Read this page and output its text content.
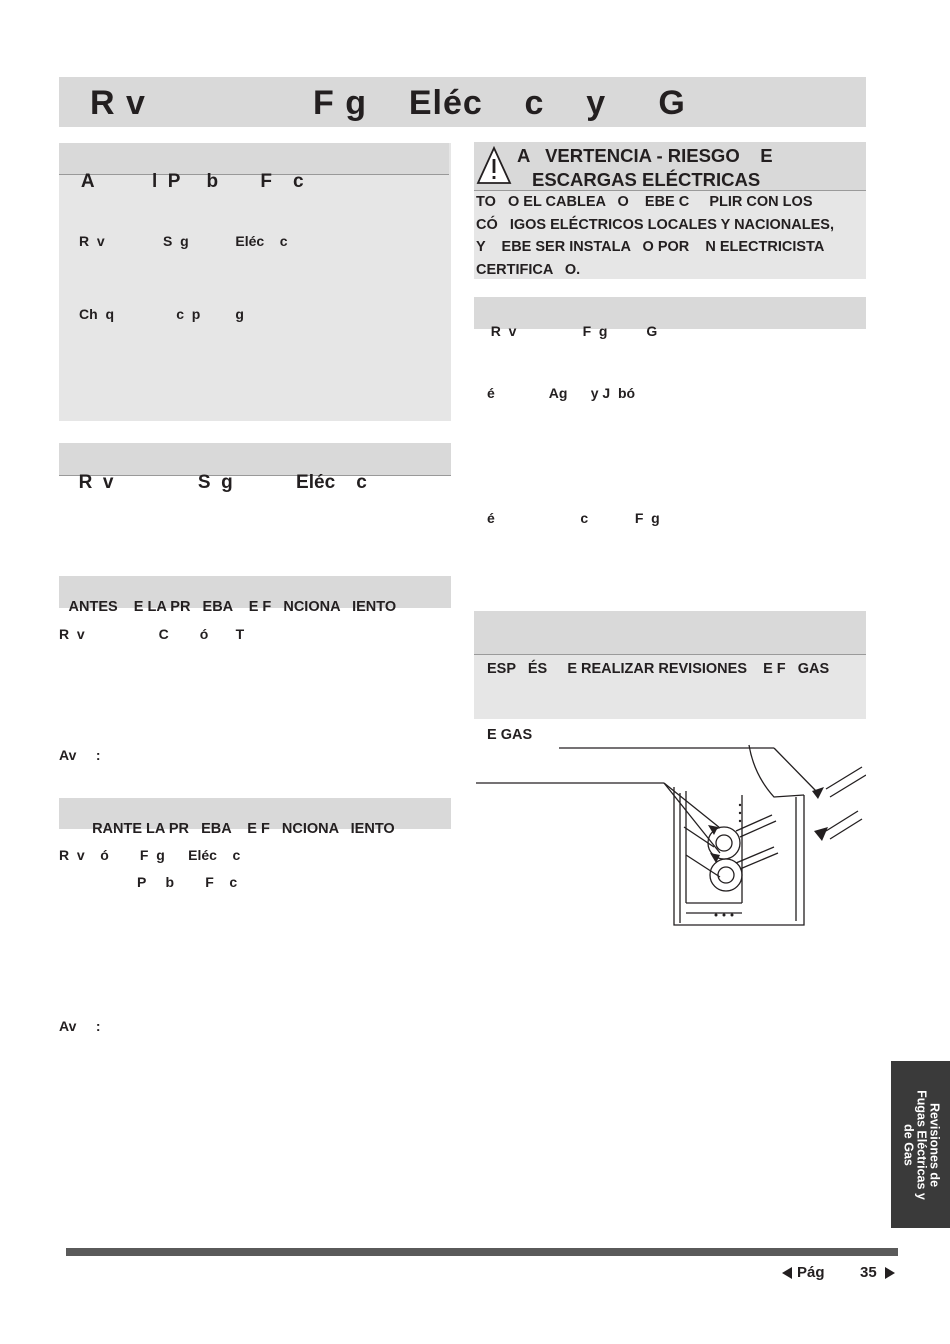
R v                F g    Eléc    c    y     G

A           l  P     b        F    c

R  v               S  g            Eléc    c
Ch  q                c  p         g

R  v                S  g            Eléc    c

ANTES    E LA PR   EBA    E F   NCIONA   IENTO

R  v                   C        ó       T
Av     :

RANTE LA PR   EBA    E F   NCIONA   IENTO

R  v    ó        F  g      Eléc    c
P     b        F    c
Av     :
A   VERTENCIA - RIESGO    E
ESCARGAS ELÉCTRICAS
TO   O EL CABLEA   O    EBE C     PLIR CON LOS
CÓ   IGOS ELÉCTRICOS LOCALES Y NACIONALES,
Y    EBE SER INSTALA   O POR    N ELECTRICISTA
CERTIFICA   O.

R  v                 F  g          G

é              Ag      y J  bó
é                      c            F  g

ESP   ÉS     E REALIZAR REVISIONES    E F   GAS

E GAS

Revisiones de
Fugas Eléctricas y
de Gas
Pág 35
